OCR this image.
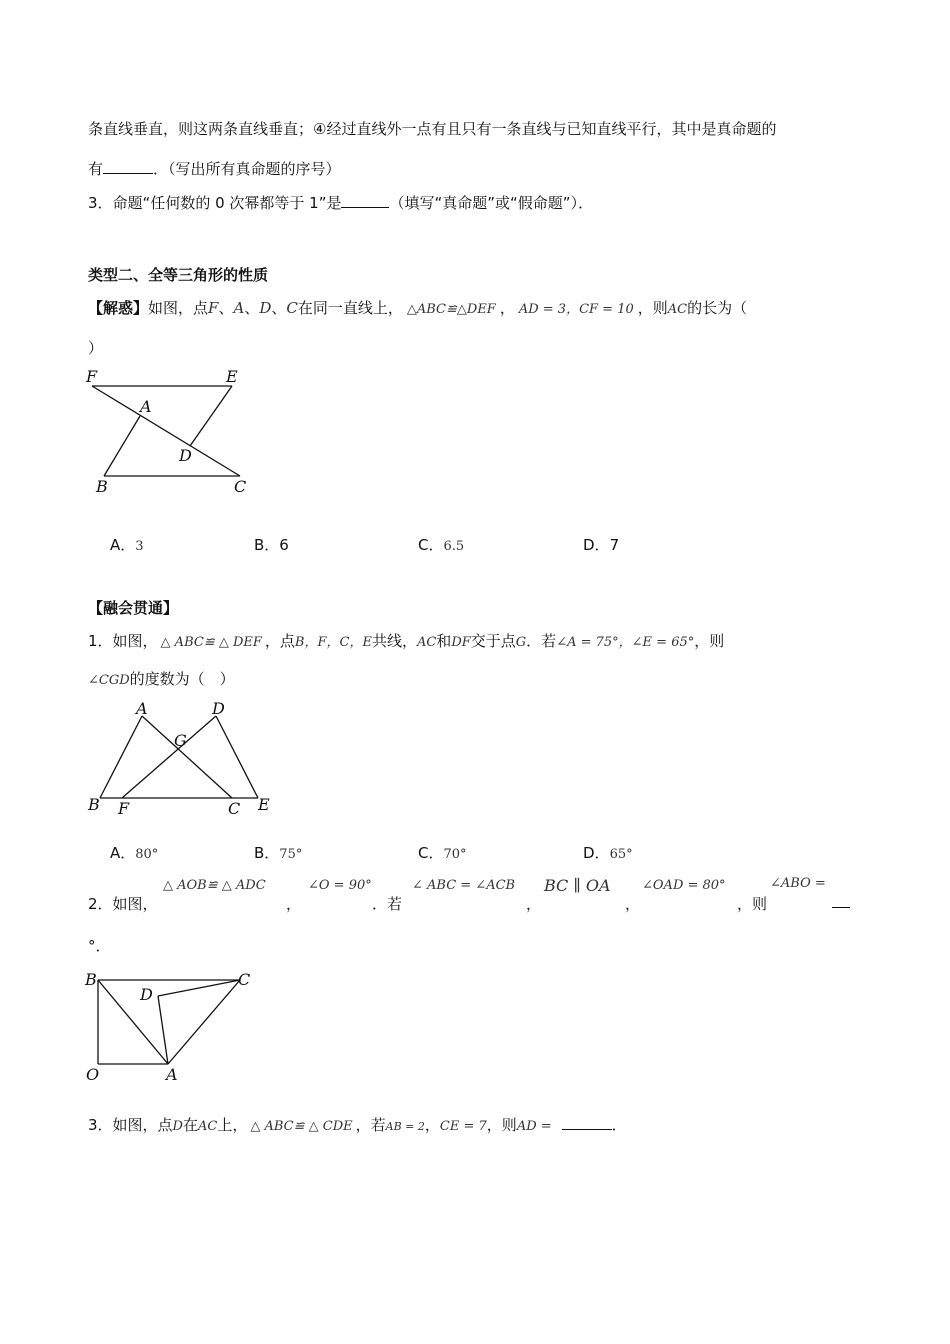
条直线垂直，则这两条直线垂直；④经过直线外一点有且只有一条直线与已知直线平行，其中是真命题的
有	．（写出所有真命题的序号）
3．命题“任何数的 0 次幂都等于 1”是	（填写“真命题”或“假命题”）．
类型二、全等三角形的性质
【解惑】如图，点F、A、D、C在同一直线上， △ABC≌△DEF ， AD = 3，CF = 10 ，则AC的长为（
）
F	E
A
D
B	C
A．3	B．6	C．6.5	D．7
【融会贯通】
1．如图， △ ABC≌ △ DEF ，点B，F，C，E共线，AC和DF交于点G．若∠A = 75°，∠E = 65°，则
∠CGD的度数为（　）
A	D
G
B F	C E
A．80°	B．75°	C．70°	D．65°
2．如图，
△ AOB≌ △ ADC
，
∠O = 90°
．若
∠ ABC = ∠ACB
，
BC ∥ OA
，
∠OAD = 80°
，则
∠ABO =
°．
B	C
D
O	A
3．如图，点D在AC上， △ ABC≌ △ CDE ，若AB = 2，CE = 7，则AD =	．
